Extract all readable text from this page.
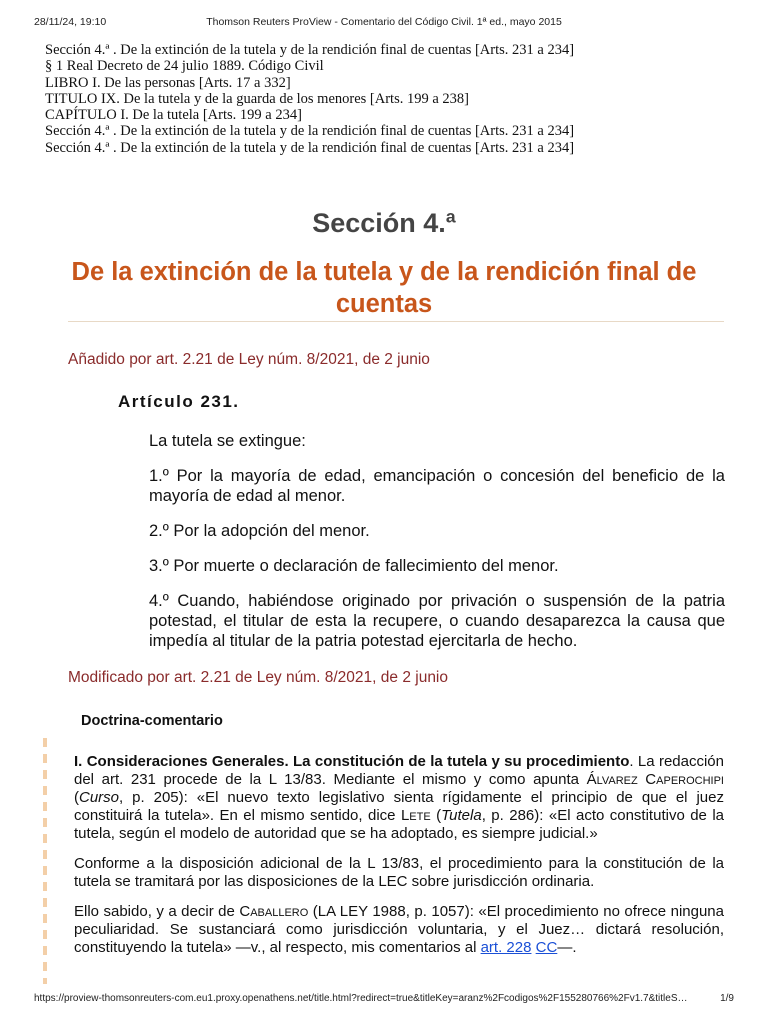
28/11/24, 19:10	Thomson Reuters ProView - Comentario del Código Civil. 1ª ed., mayo 2015
Sección 4.ª . De la extinción de la tutela y de la rendición final de cuentas [Arts. 231 a 234]
§ 1 Real Decreto de 24 julio 1889. Código Civil
LIBRO I. De las personas [Arts. 17 a 332]
TITULO IX. De la tutela y de la guarda de los menores [Arts. 199 a 238]
CAPÍTULO I. De la tutela [Arts. 199 a 234]
Sección 4.ª . De la extinción de la tutela y de la rendición final de cuentas [Arts. 231 a 234]
Sección 4.ª . De la extinción de la tutela y de la rendición final de cuentas [Arts. 231 a 234]
Sección 4.ª
De la extinción de la tutela y de la rendición final de cuentas
Añadido por art. 2.21 de Ley núm. 8/2021, de 2 junio
Artículo 231.

La tutela se extingue:

1.º Por la mayoría de edad, emancipación o concesión del beneficio de la mayoría de edad al menor.

2.º Por la adopción del menor.

3.º Por muerte o declaración de fallecimiento del menor.

4.º Cuando, habiéndose originado por privación o suspensión de la patria potestad, el titular de esta la recupere, o cuando desaparezca la causa que impedía al titular de la patria potestad ejercitarla de hecho.

Modificado por art. 2.21 de Ley núm. 8/2021, de 2 junio
Doctrina-comentario

I. Consideraciones Generales. La constitución de la tutela y su procedimiento. La redacción del art. 231 procede de la L 13/83. Mediante el mismo y como apunta Álvarez Caperochipi (Curso, p. 205): «El nuevo texto legislativo sienta rígidamente el principio de que el juez constituirá la tutela». En el mismo sentido, dice Lete (Tutela, p. 286): «El acto constitutivo de la tutela, según el modelo de autoridad que se ha adoptado, es siempre judicial.»

Conforme a la disposición adicional de la L 13/83, el procedimiento para la constitución de la tutela se tramitará por las disposiciones de la LEC sobre jurisdicción ordinaria.

Ello sabido, y a decir de Caballero (LA LEY 1988, p. 1057): «El procedimiento no ofrece ninguna peculiaridad. Se sustanciará como jurisdicción voluntaria, y el Juez… dictará resolución, constituyendo la tutela» —v., al respecto, mis comentarios al art. 228 CC—.

https://proview-thomsonreuters-com.eu1.proxy.openathens.net/title.html?redirect=true&titleKey=aranz%2Fcodigos%2F155280766%2Fv1.7&titleS…	1/9
